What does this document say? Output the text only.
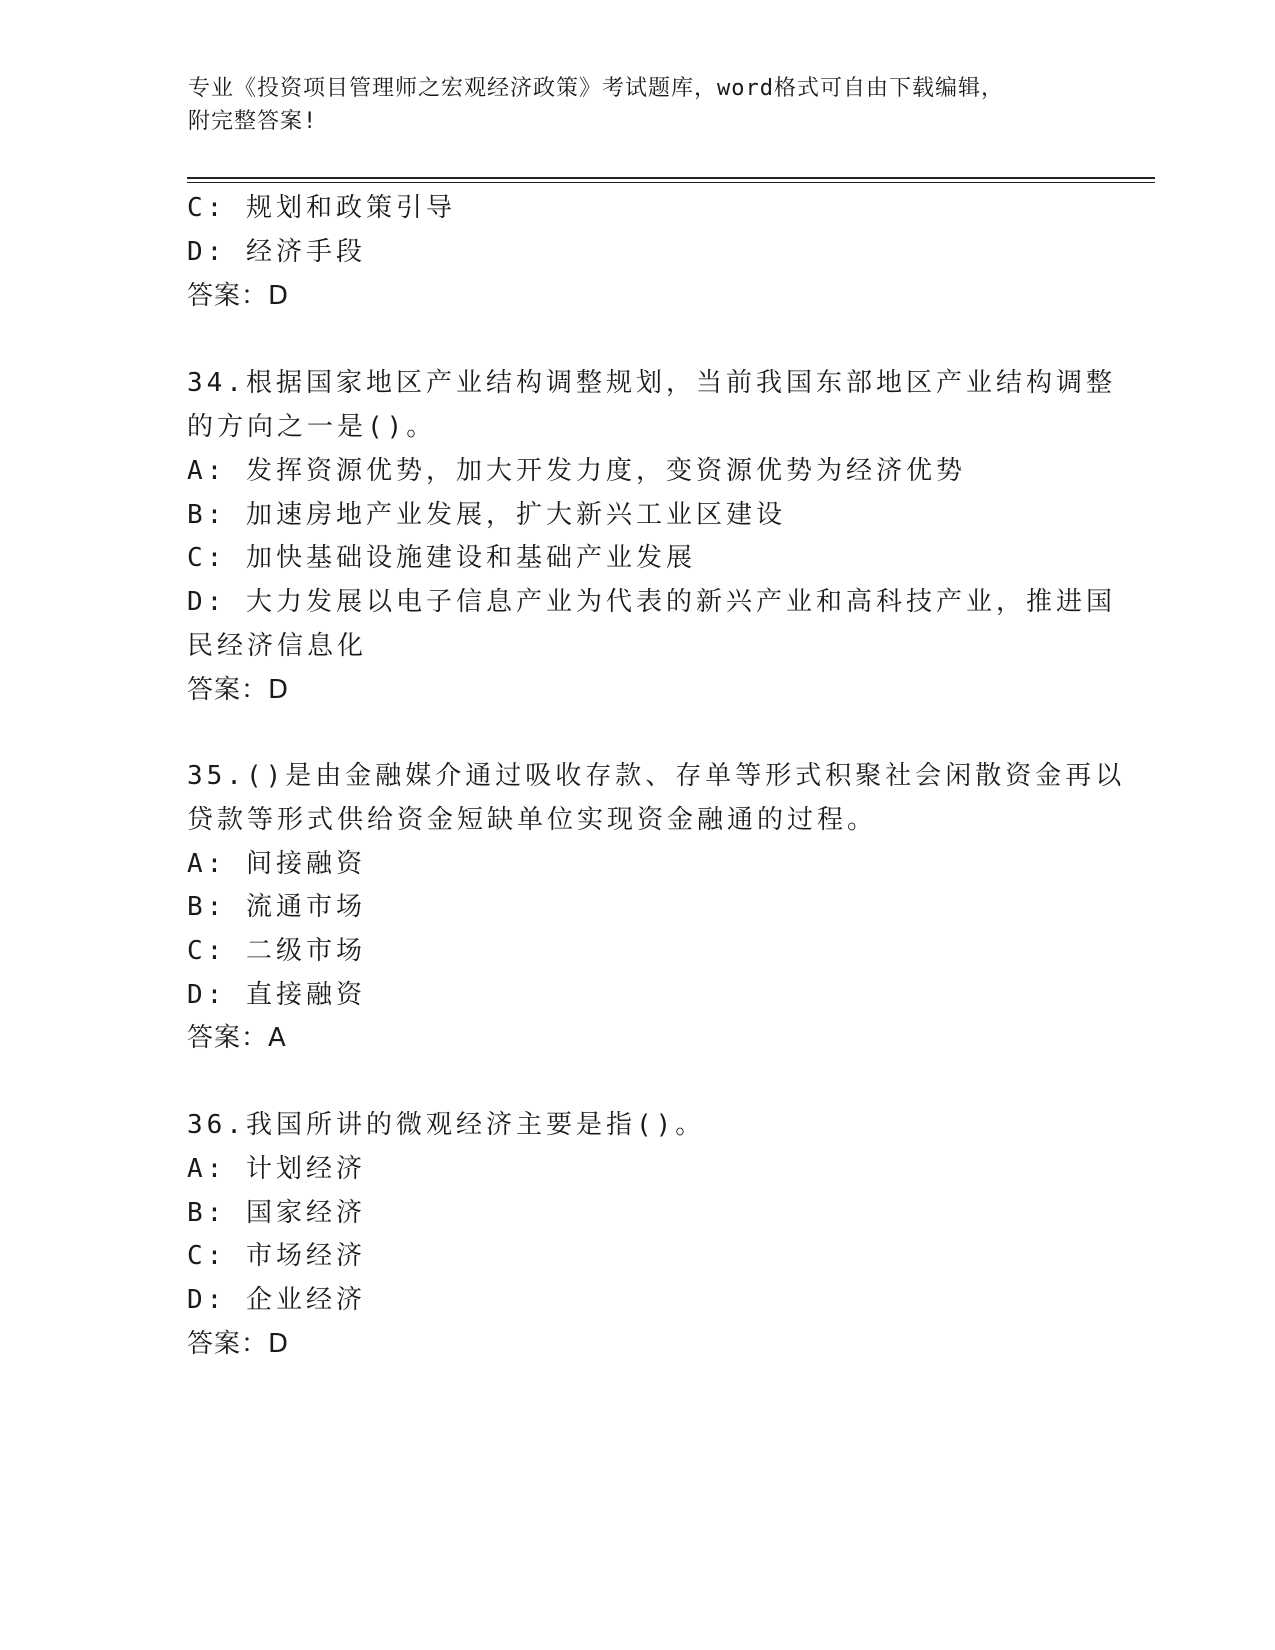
专业《投资项目管理师之宏观经济政策》考试题库，word格式可自由下载编辑，
附完整答案!
C: 规划和政策引导
D: 经济手段
答案：D
34.根据国家地区产业结构调整规划，当前我国东部地区产业结构调整
的方向之一是()。
A: 发挥资源优势，加大开发力度，变资源优势为经济优势
B: 加速房地产业发展，扩大新兴工业区建设
C: 加快基础设施建设和基础产业发展
D: 大力发展以电子信息产业为代表的新兴产业和高科技产业，推进国
民经济信息化
答案：D
35.()是由金融媒介通过吸收存款、存单等形式积聚社会闲散资金再以
贷款等形式供给资金短缺单位实现资金融通的过程。
A: 间接融资
B: 流通市场
C: 二级市场
D: 直接融资
答案：A
36.我国所讲的微观经济主要是指()。
A: 计划经济
B: 国家经济
C: 市场经济
D: 企业经济
答案：D
